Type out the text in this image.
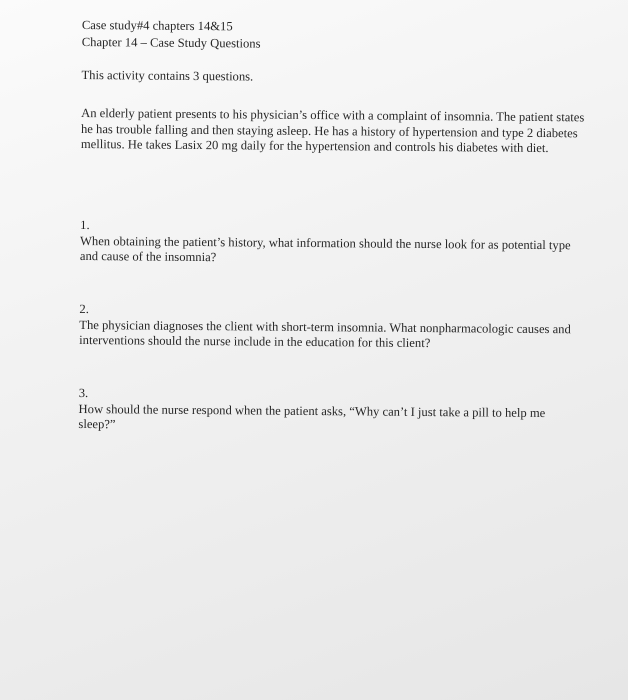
Case study#4 chapters 14&15

Chapter 14 – Case Study Questions

This activity contains 3 questions.

An elderly patient presents to his physician’s office with a complaint of insomnia. The patient states he has trouble falling and then staying asleep. He has a history of hypertension and type 2 diabetes mellitus. He takes Lasix 20 mg daily for the hypertension and controls his diabetes with diet.

1.
When obtaining the patient’s history, what information should the nurse look for as potential type and cause of the insomnia?
2.
The physician diagnoses the client with short-term insomnia. What nonpharmacologic causes and interventions should the nurse include in the education for this client?
3.
How should the nurse respond when the patient asks, “Why can’t I just take a pill to help me sleep?”
